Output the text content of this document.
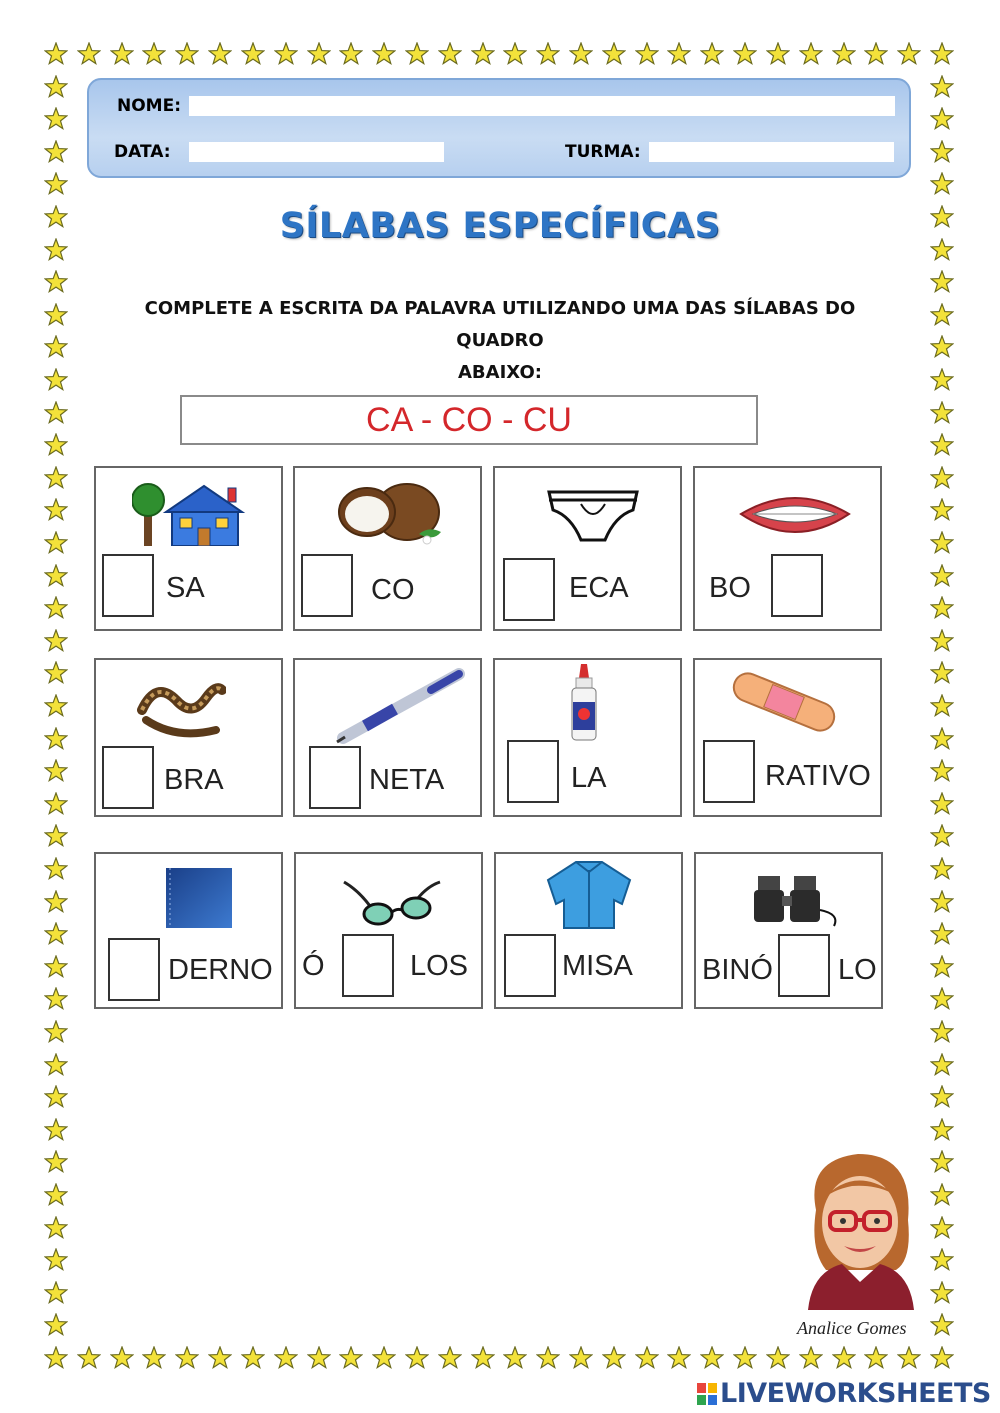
NOME:
DATA:	TURMA:
SÍLABAS ESPECÍFICAS
COMPLETE A ESCRITA DA PALAVRA UTILIZANDO UMA DAS SÍLABAS DO QUADRO
ABAIXO:
CA - CO - CU
SA	CO	ECA	BO
BRA	NETA	LA	RATIVO
DERNO Ó	LOS	MISA BINÓ LO
Analice Gomes
LIVEWORKSHEETS
